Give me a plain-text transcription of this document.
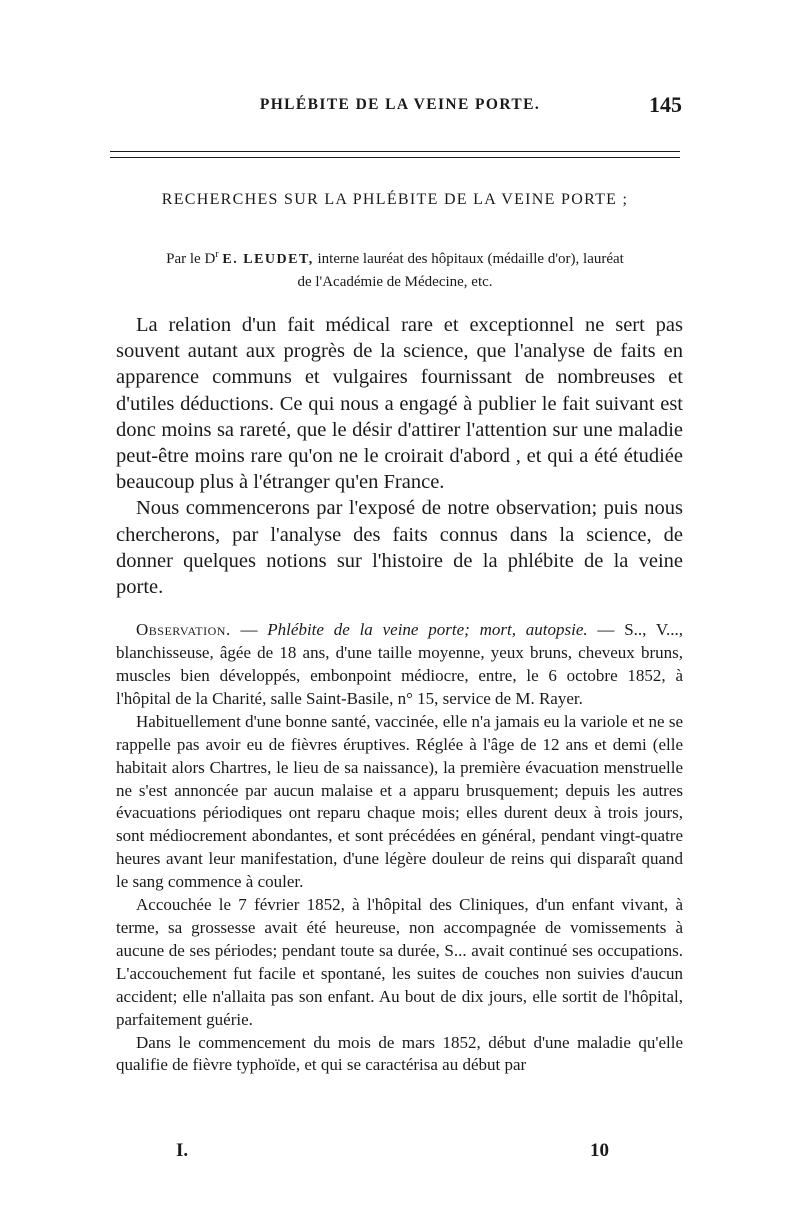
PHLÉBITE DE LA VEINE PORTE.	145
RECHERCHES SUR LA PHLÉBITE DE LA VEINE PORTE ;
Par le $D^r$ E. LEUDET, interne lauréat des hôpitaux (médaille d'or), lauréat
de l'Académie de Médecine, etc.

La relation d'un fait médical rare et exceptionnel ne sert pas souvent autant aux progrès de la science, que l'analyse de faits en apparence communs et vulgaires fournissant de nombreuses et d'utiles déductions. Ce qui nous a engagé à publier le fait suivant est donc moins sa rareté, que le désir d'attirer l'attention sur une maladie peut-être moins rare qu'on ne le croirait d'abord , et qui a été étudiée beaucoup plus à l'étranger qu'en France.

Nous commencerons par l'exposé de notre observation; puis nous chercherons, par l'analyse des faits connus dans la science, de donner quelques notions sur l'histoire de la phlébite de la veine porte.

Observation. — Phlébite de la veine porte; mort, autopsie. — S.., V..., blanchisseuse, âgée de 18 ans, d'une taille moyenne, yeux bruns, cheveux bruns, muscles bien développés, embonpoint médiocre, entre, le 6 octobre 1852, à l'hôpital de la Charité, salle Saint-Basile, n° 15, service de M. Rayer.

Habituellement d'une bonne santé, vaccinée, elle n'a jamais eu la variole et ne se rappelle pas avoir eu de fièvres éruptives. Réglée à l'âge de 12 ans et demi (elle habitait alors Chartres, le lieu de sa naissance), la première évacuation menstruelle ne s'est annoncée par aucun malaise et a apparu brusquement; depuis les autres évacuations périodiques ont reparu chaque mois; elles durent deux à trois jours, sont médiocrement abondantes, et sont précédées en général, pendant vingt-quatre heures avant leur manifestation, d'une légère douleur de reins qui disparaît quand le sang commence à couler.

Accouchée le 7 février 1852, à l'hôpital des Cliniques, d'un enfant vivant, à terme, sa grossesse avait été heureuse, non accompagnée de vomissements à aucune de ses périodes; pendant toute sa durée, S... avait continué ses occupations. L'accouchement fut facile et spontané, les suites de couches non suivies d'aucun accident; elle n'allaita pas son enfant. Au bout de dix jours, elle sortit de l'hôpital, parfaitement guérie.

Dans le commencement du mois de mars 1852, début d'une maladie qu'elle qualifie de fièvre typhoïde, et qui se caractérisa au début par

I.	10
